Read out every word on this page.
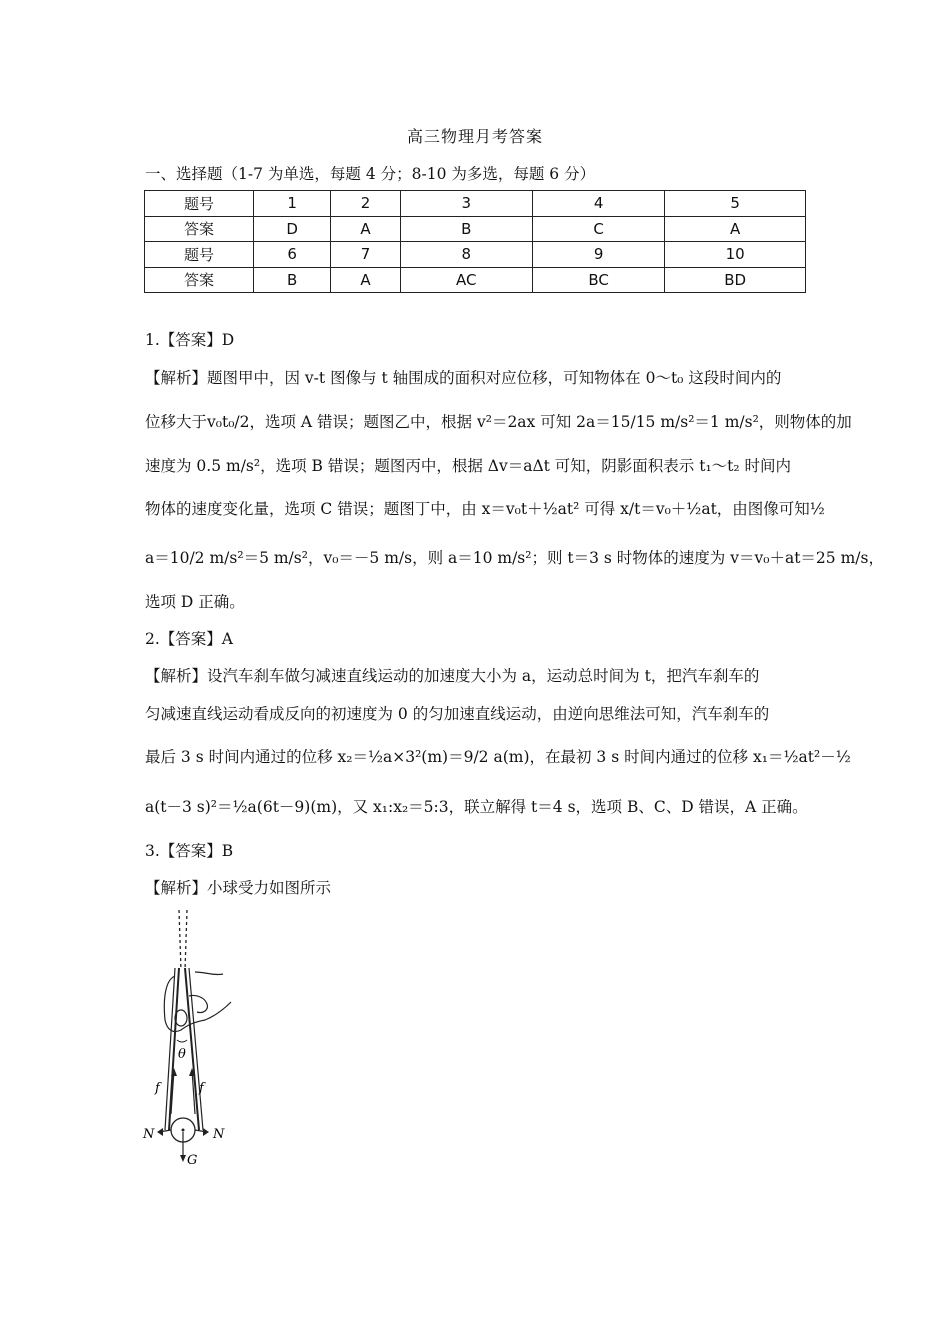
高三物理月考答案
一、选择题（1-7 为单选，每题 4 分；8-10 为多选，每题 6 分）
题号	1	2	3	4	5
答案	D	A	B	C	A
题号	6	7	8	9	10
答案	B	A	AC	BC	BD
1.【答案】D
【解析】题图甲中，因 v-t 图像与 t 轴围成的面积对应位移，可知物体在 0～t₀ 这段时间内的
位移大于v₀t₀/2，选项 A 错误；题图乙中，根据 v²＝2ax 可知 2a＝15/15 m/s²＝1 m/s²，则物体的加
速度为 0.5 m/s²，选项 B 错误；题图丙中，根据 Δv＝aΔt 可知，阴影面积表示 t₁～t₂ 时间内
物体的速度变化量，选项 C 错误；题图丁中，由 x＝v₀t＋½at² 可得 x/t＝v₀＋½at，由图像可知½
a＝10/2 m/s²＝5 m/s²，v₀＝－5 m/s，则 a＝10 m/s²；则 t＝3 s 时物体的速度为 v＝v₀＋at＝25 m/s，
选项 D 正确。
2.【答案】A
【解析】设汽车刹车做匀减速直线运动的加速度大小为 a，运动总时间为 t，把汽车刹车的
匀减速直线运动看成反向的初速度为 0 的匀加速直线运动，由逆向思维法可知，汽车刹车的
最后 3 s 时间内通过的位移 x₂＝½a×3²(m)＝9/2 a(m)，在最初 3 s 时间内通过的位移 x₁＝½at²－½
a(t－3 s)²＝½a(6t－9)(m)，又 x₁:x₂＝5:3，联立解得 t＝4 s，选项 B、C、D 错误，A 正确。
3.【答案】B
【解析】小球受力如图所示
θ
f	f
N	N
G
